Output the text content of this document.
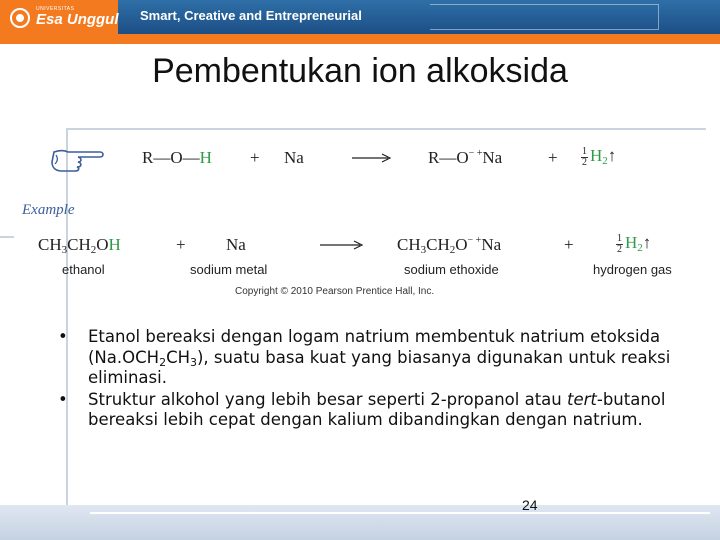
UNIVERSITAS
Esa Unggul Smart, Creative and Entrepreneurial
Pembentukan ion alkoksida
R—O—H + Na	R—O− +Na	+ $\frac{1}{2}$ $H_2↑$
Example
$CH_3CH_2OH$	+ Na	$CH_3CH_2O^{- +}Na$	+	$\frac{1}{2}$ $H_2↑$
ethanol	sodium metal	sodium ethoxide	hydrogen gas
Copyright © 2010 Pearson Prentice Hall, Inc.
• Etanol bereaksi dengan logam natrium membentuk natrium etoksida $(Na.OCH_2CH_3)$, suatu basa kuat yang biasanya digunakan untuk reaksi eliminasi.
• Struktur alkohol yang lebih besar seperti 2-propanol atau tert-butanol bereaksi lebih cepat dengan kalium dibandingkan dengan natrium.
24
